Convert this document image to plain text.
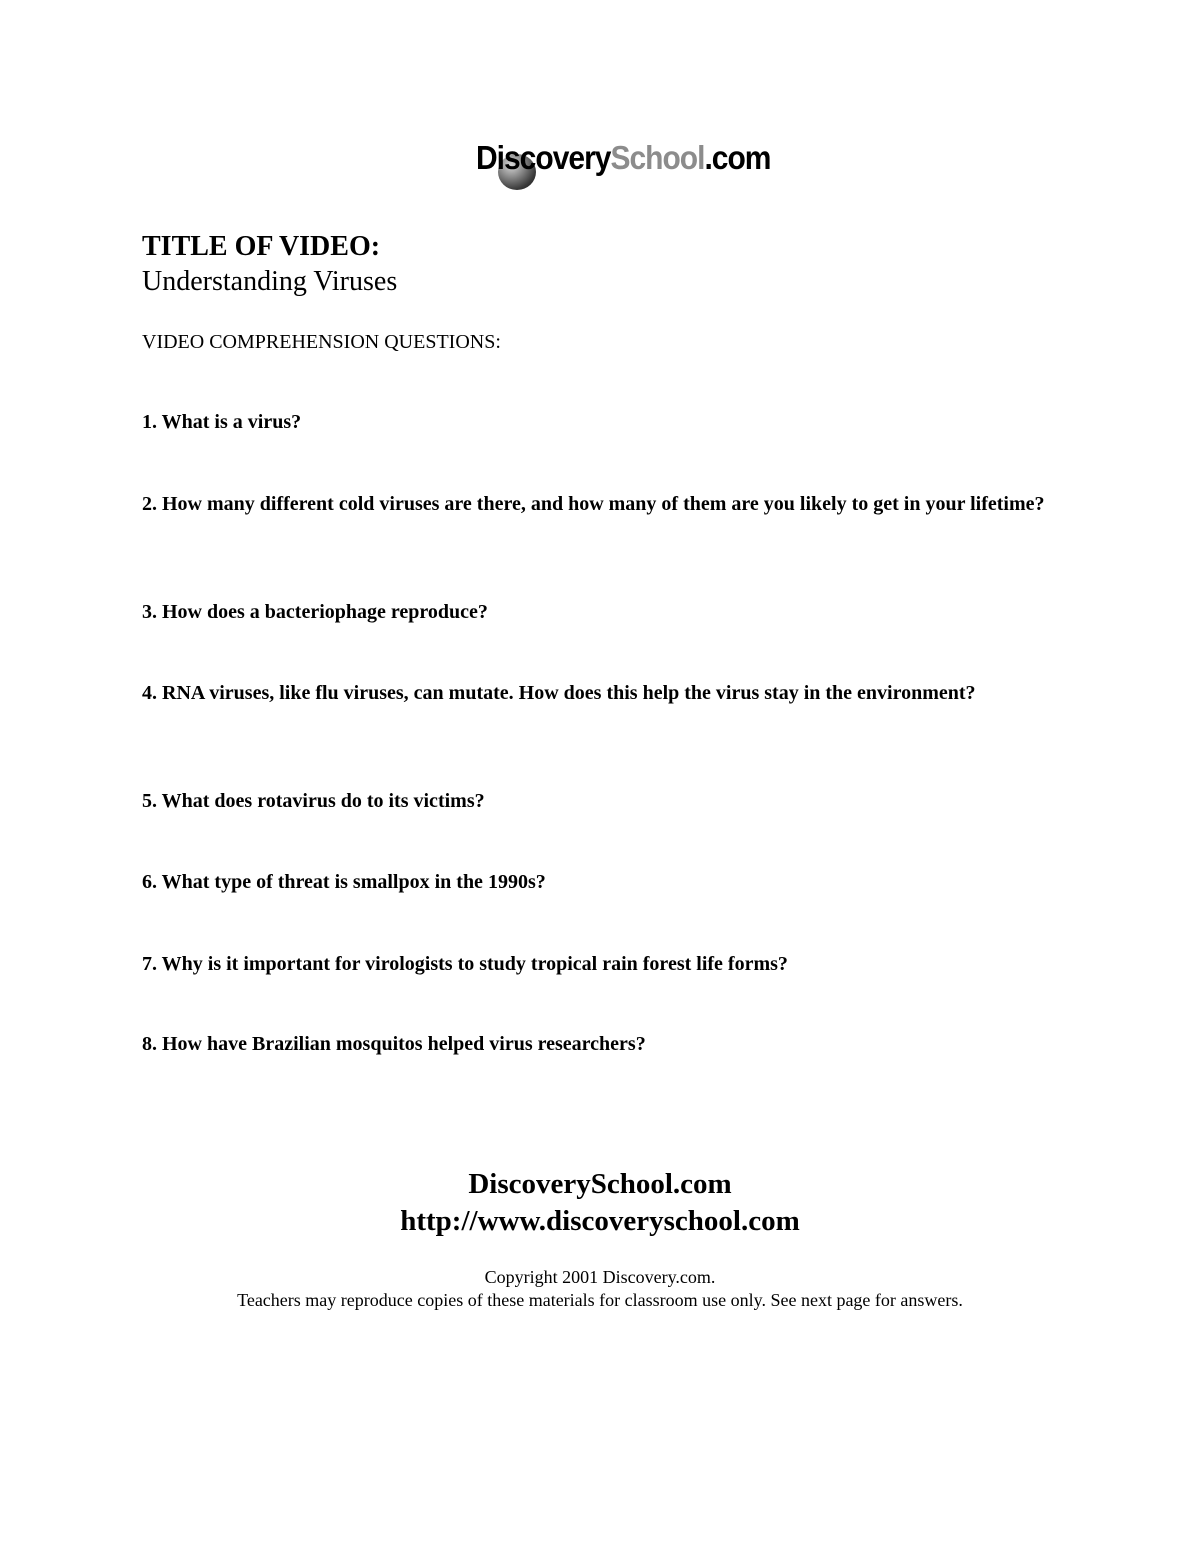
DiscoverySchool.com
TITLE OF VIDEO:
Understanding Viruses
VIDEO COMPREHENSION QUESTIONS:
1. What is a virus?
2. How many different cold viruses are there, and how many of them are you likely to get in your lifetime?
3. How does a bacteriophage reproduce?
4. RNA viruses, like flu viruses, can mutate. How does this help the virus stay in the environment?
5. What does rotavirus do to its victims?
6. What type of threat is smallpox in the 1990s?
7. Why is it important for virologists to study tropical rain forest life forms?
8. How have Brazilian mosquitos helped virus researchers?
DiscoverySchool.com
http://www.discoveryschool.com
Copyright 2001 Discovery.com.
Teachers may reproduce copies of these materials for classroom use only. See next page for answers.
